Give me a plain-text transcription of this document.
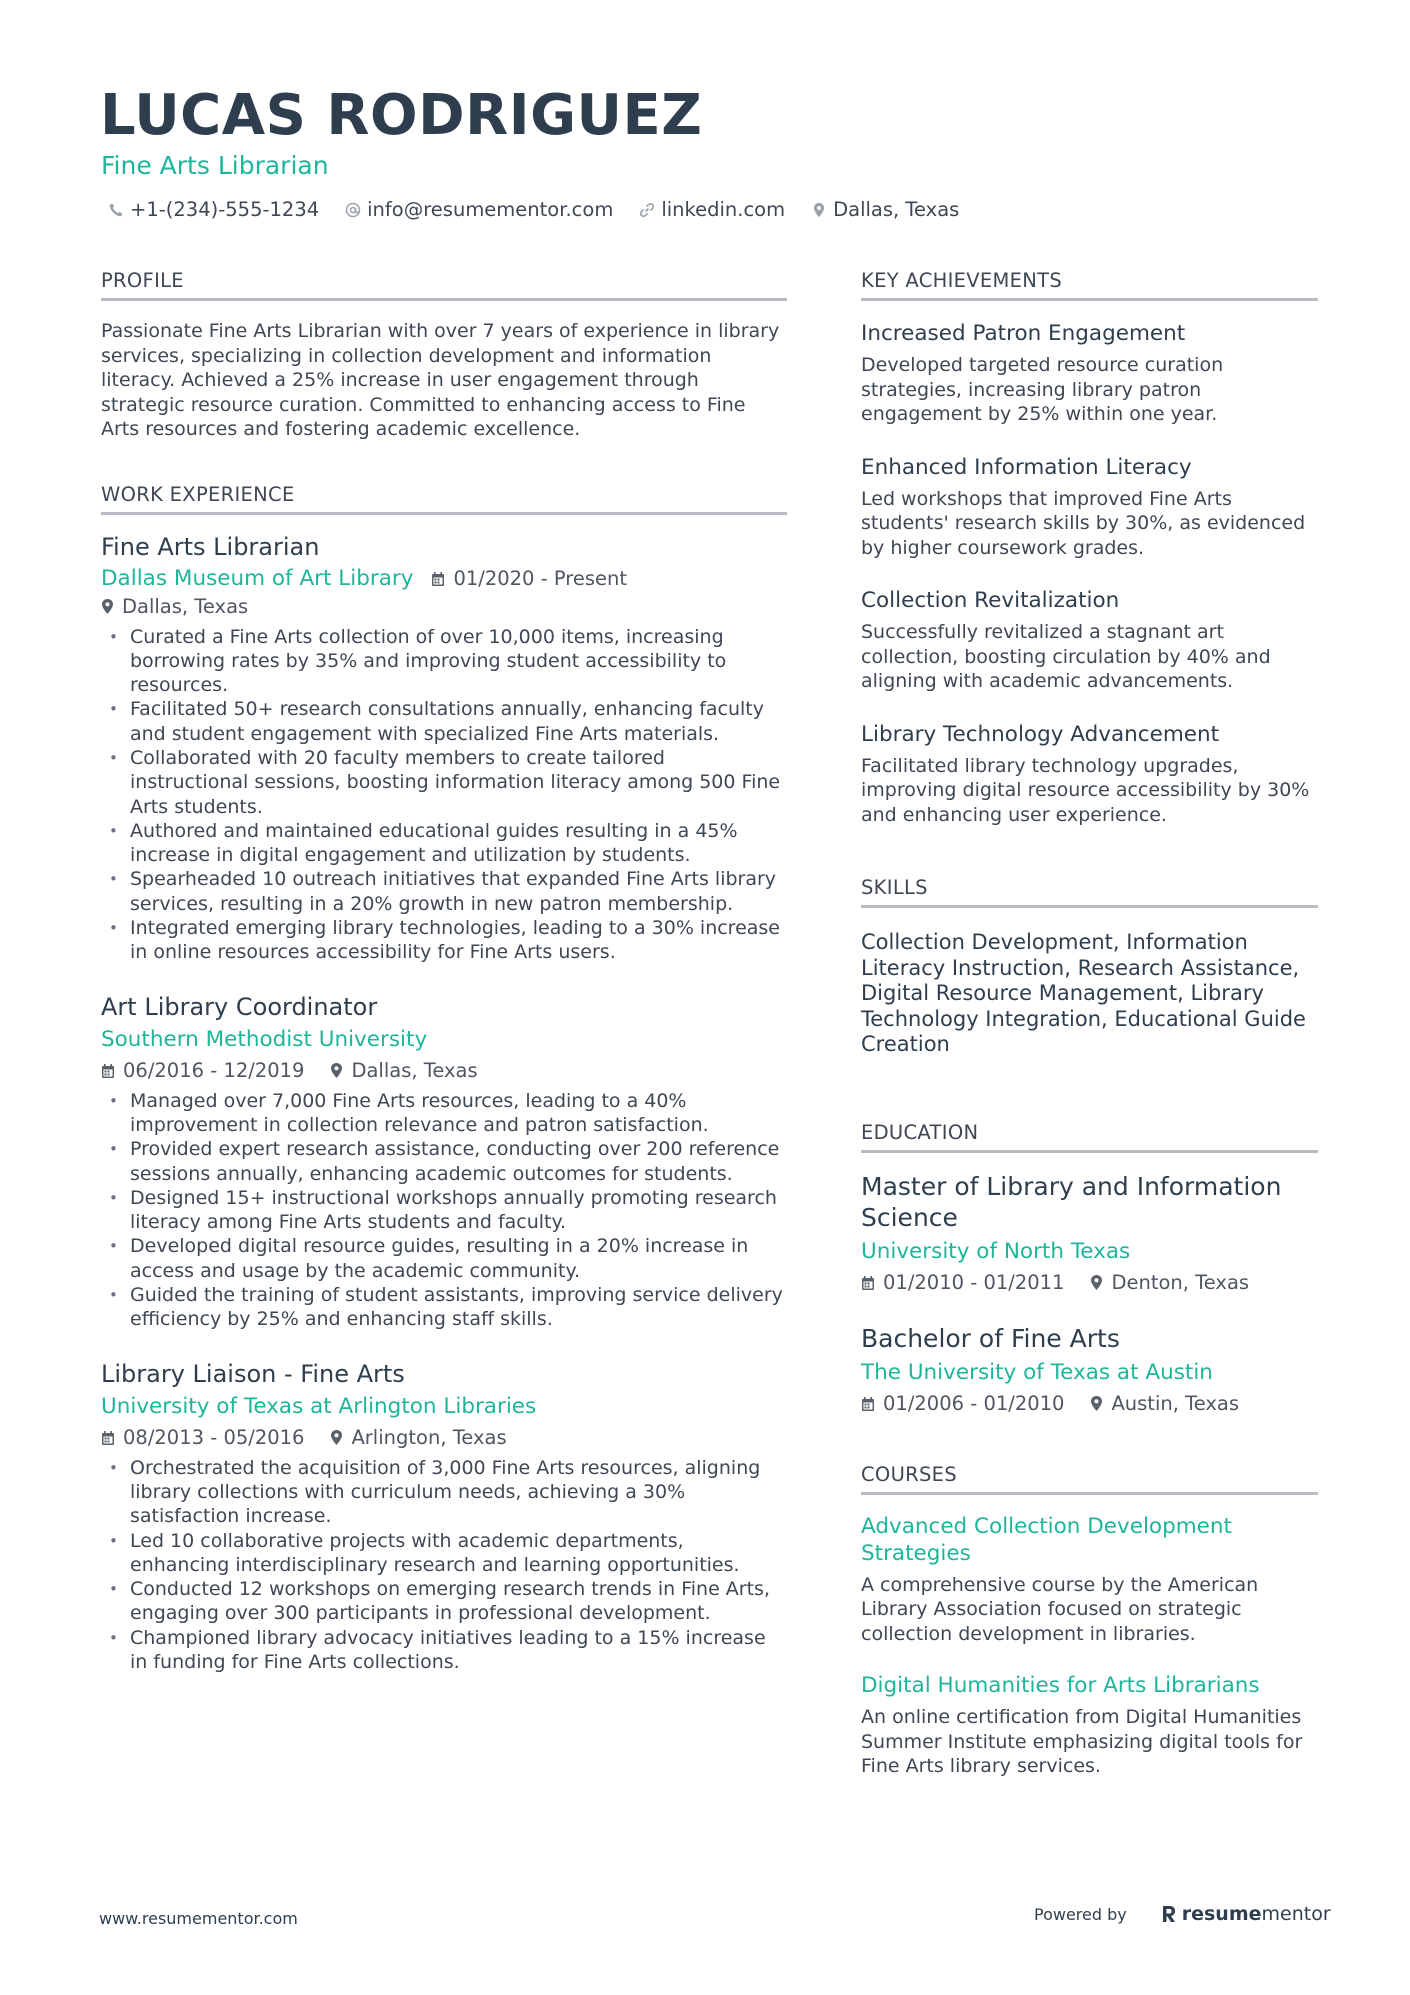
LUCAS RODRIGUEZ
Fine Arts Librarian
+1-(234)-555-1234 info@resumementor.com linkedin.com Dallas, Texas
PROFILE
Passionate Fine Arts Librarian with over 7 years of experience in library services, specializing in collection development and information literacy. Achieved a 25% increase in user engagement through strategic resource curation. Committed to enhancing access to Fine Arts resources and fostering academic excellence.
WORK EXPERIENCE
Fine Arts Librarian
Dallas Museum of Art Library 01/2020 - Present
Dallas, Texas
• Curated a Fine Arts collection of over 10,000 items, increasing borrowing rates by 35% and improving student accessibility to resources.
• Facilitated 50+ research consultations annually, enhancing faculty and student engagement with specialized Fine Arts materials.
• Collaborated with 20 faculty members to create tailored instructional sessions, boosting information literacy among 500 Fine Arts students.
• Authored and maintained educational guides resulting in a 45% increase in digital engagement and utilization by students.
• Spearheaded 10 outreach initiatives that expanded Fine Arts library services, resulting in a 20% growth in new patron membership.
• Integrated emerging library technologies, leading to a 30% increase in online resources accessibility for Fine Arts users.
Art Library Coordinator
Southern Methodist University
06/2016 - 12/2019 Dallas, Texas
• Managed over 7,000 Fine Arts resources, leading to a 40% improvement in collection relevance and patron satisfaction.
• Provided expert research assistance, conducting over 200 reference sessions annually, enhancing academic outcomes for students.
• Designed 15+ instructional workshops annually promoting research literacy among Fine Arts students and faculty.
• Developed digital resource guides, resulting in a 20% increase in access and usage by the academic community.
• Guided the training of student assistants, improving service delivery efficiency by 25% and enhancing staff skills.
Library Liaison - Fine Arts
University of Texas at Arlington Libraries
08/2013 - 05/2016 Arlington, Texas
• Orchestrated the acquisition of 3,000 Fine Arts resources, aligning library collections with curriculum needs, achieving a 30% satisfaction increase.
• Led 10 collaborative projects with academic departments, enhancing interdisciplinary research and learning opportunities.
• Conducted 12 workshops on emerging research trends in Fine Arts, engaging over 300 participants in professional development.
• Championed library advocacy initiatives leading to a 15% increase in funding for Fine Arts collections.
KEY ACHIEVEMENTS
Increased Patron Engagement
Developed targeted resource curation strategies, increasing library patron engagement by 25% within one year.
Enhanced Information Literacy
Led workshops that improved Fine Arts students' research skills by 30%, as evidenced by higher coursework grades.
Collection Revitalization
Successfully revitalized a stagnant art collection, boosting circulation by 40% and aligning with academic advancements.
Library Technology Advancement
Facilitated library technology upgrades, improving digital resource accessibility by 30% and enhancing user experience.
SKILLS
Collection Development, Information Literacy Instruction, Research Assistance, Digital Resource Management, Library Technology Integration, Educational Guide Creation
EDUCATION
Master of Library and Information Science
University of North Texas
01/2010 - 01/2011 Denton, Texas
Bachelor of Fine Arts
The University of Texas at Austin
01/2006 - 01/2010 Austin, Texas
COURSES
Advanced Collection Development Strategies
A comprehensive course by the American Library Association focused on strategic collection development in libraries.
Digital Humanities for Arts Librarians
An online certification from Digital Humanities Summer Institute emphasizing digital tools for Fine Arts library services.
www.resumementor.com	Powered by	resume mentor
